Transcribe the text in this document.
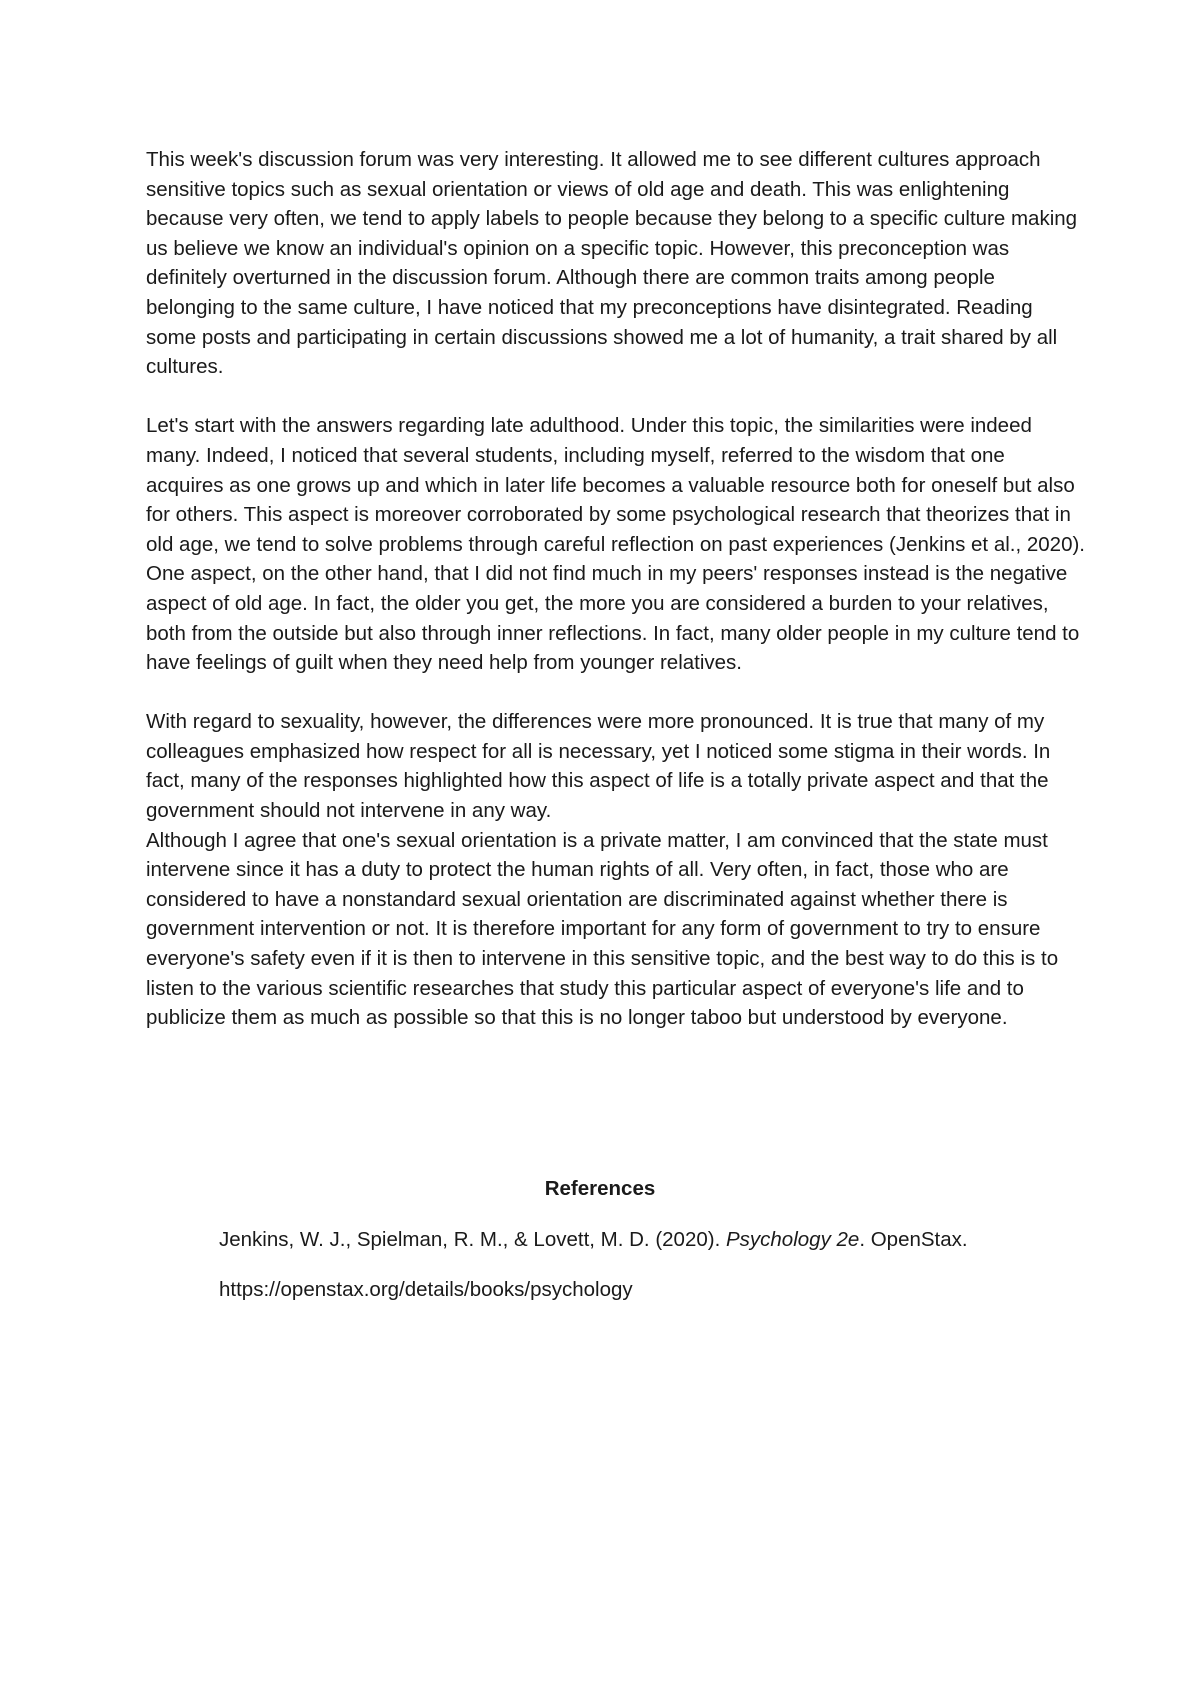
This week's discussion forum was very interesting. It allowed me to see different cultures approach sensitive topics such as sexual orientation or views of old age and death. This was enlightening because very often, we tend to apply labels to people because they belong to a specific culture making us believe we know an individual's opinion on a specific topic. However, this preconception was definitely overturned in the discussion forum. Although there are common traits among people belonging to the same culture, I have noticed that my preconceptions have disintegrated. Reading some posts and participating in certain discussions showed me a lot of humanity, a trait shared by all cultures.

Let's start with the answers regarding late adulthood. Under this topic, the similarities were indeed many. Indeed, I noticed that several students, including myself, referred to the wisdom that one acquires as one grows up and which in later life becomes a valuable resource both for oneself but also for others. This aspect is moreover corroborated by some psychological research that theorizes that in old age, we tend to solve problems through careful reflection on past experiences (Jenkins et al., 2020).

One aspect, on the other hand, that I did not find much in my peers' responses instead is the negative aspect of old age. In fact, the older you get, the more you are considered a burden to your relatives, both from the outside but also through inner reflections. In fact, many older people in my culture tend to have feelings of guilt when they need help from younger relatives.

With regard to sexuality, however, the differences were more pronounced. It is true that many of my colleagues emphasized how respect for all is necessary, yet I noticed some stigma in their words. In fact, many of the responses highlighted how this aspect of life is a totally private aspect and that the government should not intervene in any way.

Although I agree that one's sexual orientation is a private matter, I am convinced that the state must intervene since it has a duty to protect the human rights of all. Very often, in fact, those who are considered to have a nonstandard sexual orientation are discriminated against whether there is government intervention or not. It is therefore important for any form of government to try to ensure everyone's safety even if it is then to intervene in this sensitive topic, and the best way to do this is to listen to the various scientific researches that study this particular aspect of everyone's life and to publicize them as much as possible so that this is no longer taboo but understood by everyone.

References

Jenkins, W. J., Spielman, R. M., & Lovett, M. D. (2020). Psychology 2e. OpenStax.

https://openstax.org/details/books/psychology
